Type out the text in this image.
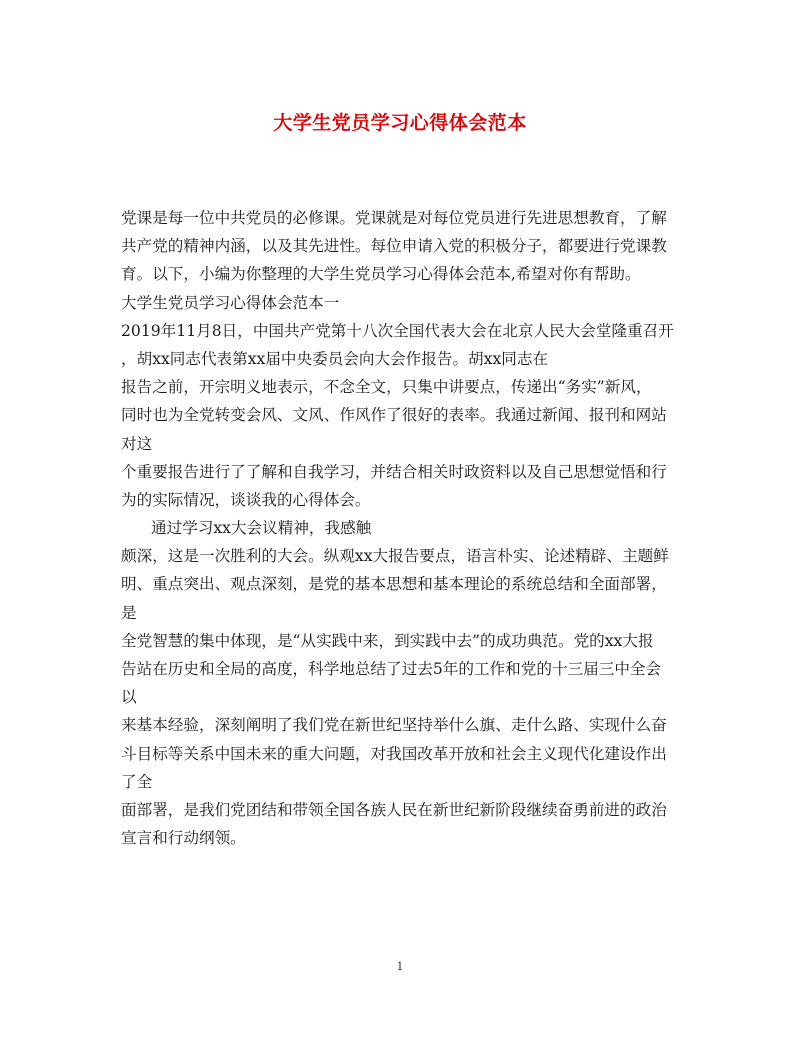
大学生党员学习心得体会范本

党课是每一位中共党员的必修课。党课就是对每位党员进行先进思想教育，了解

共产党的精神内涵，以及其先进性。每位申请入党的积极分子，都要进行党课教

育。以下，小编为你整理的大学生党员学习心得体会范本,希望对你有帮助。

大学生党员学习心得体会范本一

2019年11月8日，中国共产党第十八次全国代表大会在北京人民大会堂隆重召开

，胡xx同志代表第xx届中央委员会向大会作报告。胡xx同志在

报告之前，开宗明义地表示，不念全文，只集中讲要点，传递出“务实”新风，

同时也为全党转变会风、文风、作风作了很好的表率。我通过新闻、报刊和网站

对这

个重要报告进行了了解和自我学习，并结合相关时政资料以及自己思想觉悟和行

为的实际情况，谈谈我的心得体会。

通过学习xx大会议精神，我感触

颇深，这是一次胜利的大会。纵观xx大报告要点，语言朴实、论述精辟、主题鲜

明、重点突出、观点深刻，是党的基本思想和基本理论的系统总结和全面部署，

是

全党智慧的集中体现，是“从实践中来，到实践中去”的成功典范。党的xx大报

告站在历史和全局的高度，科学地总结了过去5年的工作和党的十三届三中全会

以

来基本经验，深刻阐明了我们党在新世纪坚持举什么旗、走什么路、实现什么奋

斗目标等关系中国未来的重大问题，对我国改革开放和社会主义现代化建设作出

了全

面部署，是我们党团结和带领全国各族人民在新世纪新阶段继续奋勇前进的政治

宣言和行动纲领。

1
